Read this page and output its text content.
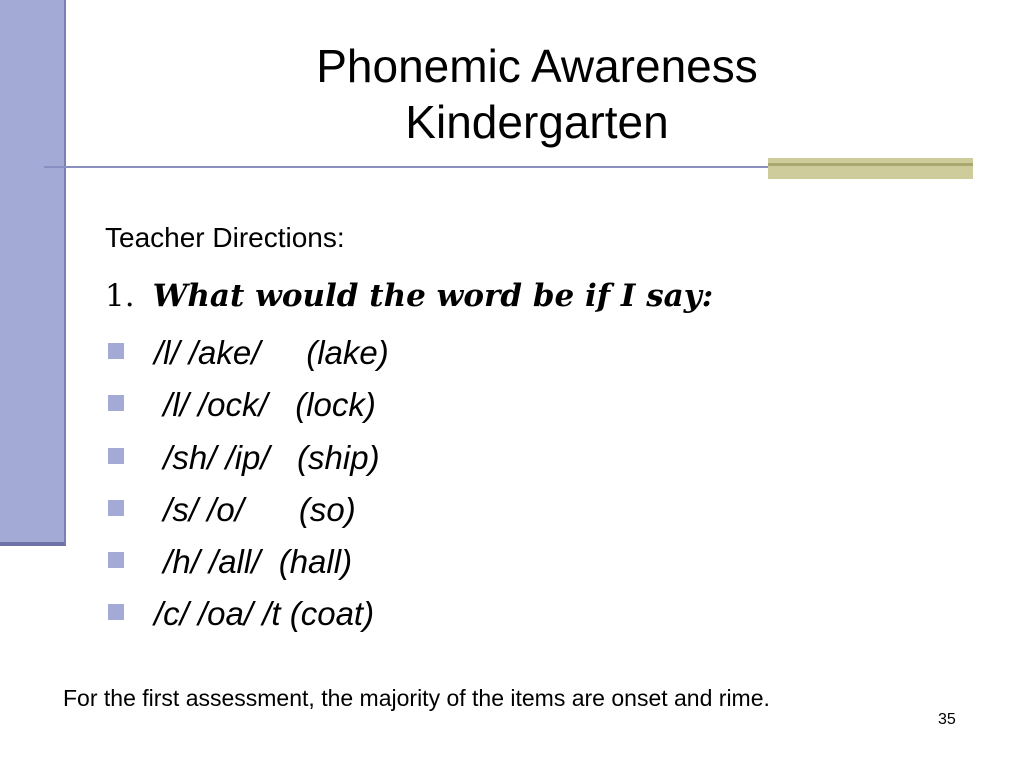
Phonemic Awareness
Kindergarten
Teacher Directions:
1. What would the word be if I say:
/l/ /ake/     (lake)
/l/ /ock/   (lock)
/sh/ /ip/   (ship)
/s/ /o/      (so)
/h/ /all/  (hall)
/c/ /oa/ /t (coat)
For the first assessment, the majority of the items are onset and rime.
35
